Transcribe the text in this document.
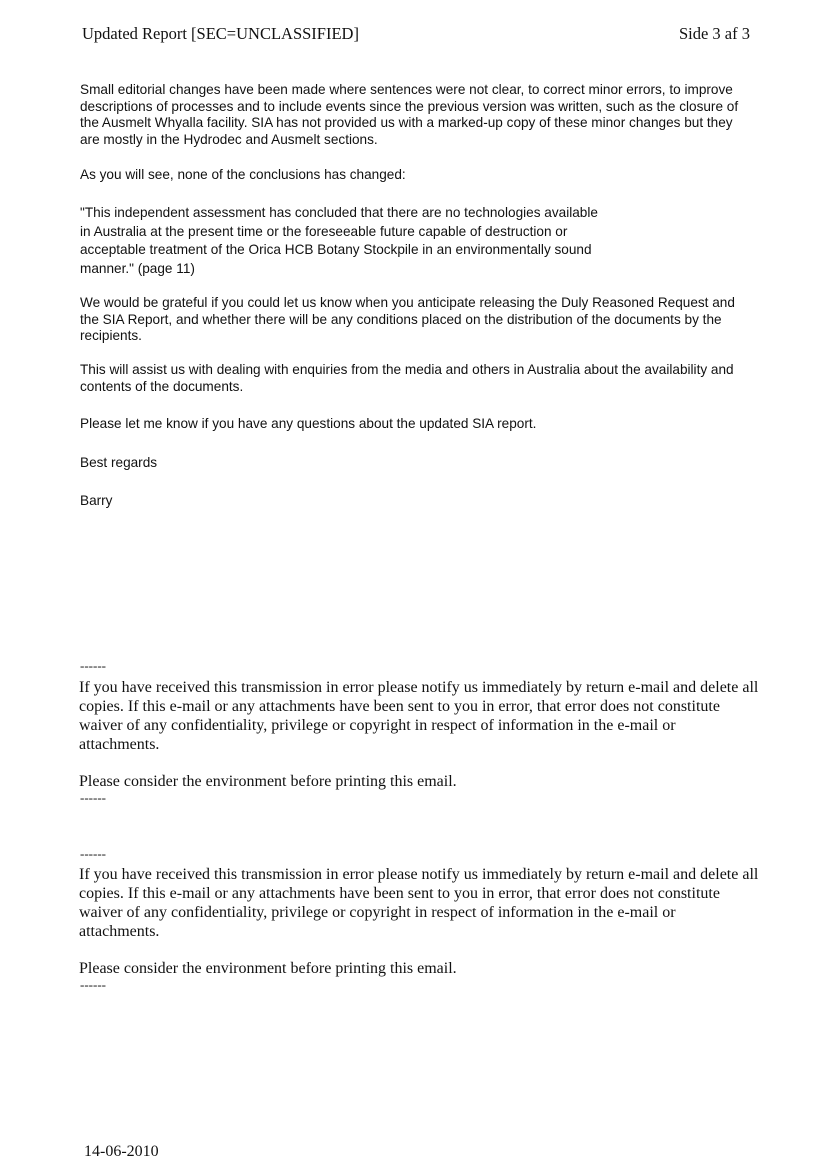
Updated Report [SEC=UNCLASSIFIED]	Side 3 af 3

Small editorial changes have been made where sentences were not clear, to correct minor errors, to improve descriptions of processes and to include events since the previous version was written, such as the closure of the Ausmelt Whyalla facility. SIA has not provided us with a marked-up copy of these minor changes but they are mostly in the Hydrodec and Ausmelt sections.

As you will see, none of the conclusions has changed:

"This independent assessment has concluded that there are no technologies available
in Australia at the present time or the foreseeable future capable of destruction or
acceptable treatment of the Orica HCB Botany Stockpile in an environmentally sound
manner." (page 11)

We would be grateful if you could let us know when you anticipate releasing the Duly Reasoned Request and the SIA Report, and whether there will be any conditions placed on the distribution of the documents by the recipients.

This will assist us with dealing with enquiries from the media and others in Australia about the availability and contents of the documents.

Please let me know if you have any questions about the updated SIA report.

Best regards

Barry

------

If you have received this transmission in error please notify us immediately by return e-mail and delete all copies. If this e-mail or any attachments have been sent to you in error, that error does not constitute waiver of any confidentiality, privilege or copyright in respect of information in the e-mail or attachments.

Please consider the environment before printing this email.

------
------

If you have received this transmission in error please notify us immediately by return e-mail and delete all copies. If this e-mail or any attachments have been sent to you in error, that error does not constitute waiver of any confidentiality, privilege or copyright in respect of information in the e-mail or attachments.

Please consider the environment before printing this email.

------
14-06-2010
